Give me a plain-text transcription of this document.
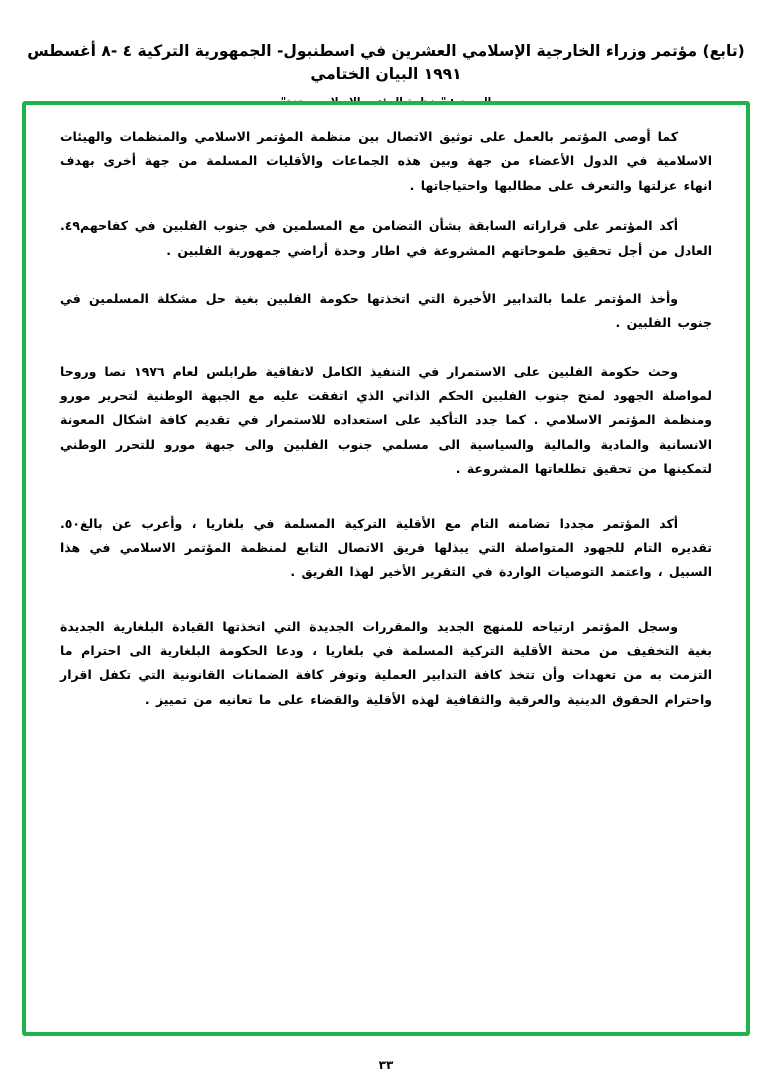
(تابع) مؤتمر وزراء الخارجية الإسلامي العشرين في اسطنبول- الجمهورية التركية ٤ -٨ أغسطس ١٩٩١ البيان الختامي
كما أوصى المؤتمر بالعمل على توثيق الاتصال بين منظمة المؤتمر الاسلامي والمنظمات والهيئات الاسلامية في الدول الأعضاء من جهة وبين هذه الجماعات والأقليات المسلمة من جهة أخرى بهدف انهاء عزلتها والتعرف على مطالبها واحتياجاتها .
٤٩. أكد المؤتمر على قراراته السابقة بشأن التضامن مع المسلمين في جنوب الفلبين في كفاحهم العادل من أجل تحقيق طموحاتهم المشروعة في اطار وحدة أراضي جمهورية الفلبين .
وأخذ المؤتمر علما بالتدابير الأخيرة التي اتخذتها حكومة الفلبين بغية حل مشكلة المسلمين في جنوب الفلبين .
وحث حكومة الفلبين على الاستمرار في التنفيذ الكامل لاتفاقية طرابلس لعام ١٩٧٦ نصا وروحا لمواصلة الجهود لمنح جنوب الفلبين الحكم الذاتي الذي اتفقت عليه مع الجبهة الوطنية لتحرير مورو ومنظمة المؤتمر الاسلامي . كما جدد التأكيد على استعداده للاستمرار في تقديم كافة اشكال المعونة الانسانية والمادية والمالية والسياسية الى مسلمي جنوب الفلبين والى جبهة مورو للتحرر الوطني لتمكينها من تحقيق تطلعاتها المشروعة .
٥٠. أكد المؤتمر مجددا تضامنه التام مع الأقلية التركية المسلمة في بلغاريا ، وأعرب عن بالغ تقديره التام للجهود المتواصلة التي يبذلها فريق الاتصال التابع لمنظمة المؤتمر الاسلامي في هذا السبيل ، واعتمد التوصيات الواردة في التقرير الأخير لهذا الفريق .
وسجل المؤتمر ارتياحه للمنهج الجديد والمقررات الجديدة التي اتخذتها القيادة البلغارية الجديدة بغية التخفيف من محنة الأقلية التركية المسلمة في بلغاريا ، ودعا الحكومة البلغارية الى احترام ما التزمت به من تعهدات وأن تتخذ كافة التدابير العملية وتوفر كافة الضمانات القانونية التي تكفل اقرار واحترام الحقوق الدينية والعرقية والثقافية لهذه الأقلية والقضاء على ما تعانيه من تمييز .
٣٣
